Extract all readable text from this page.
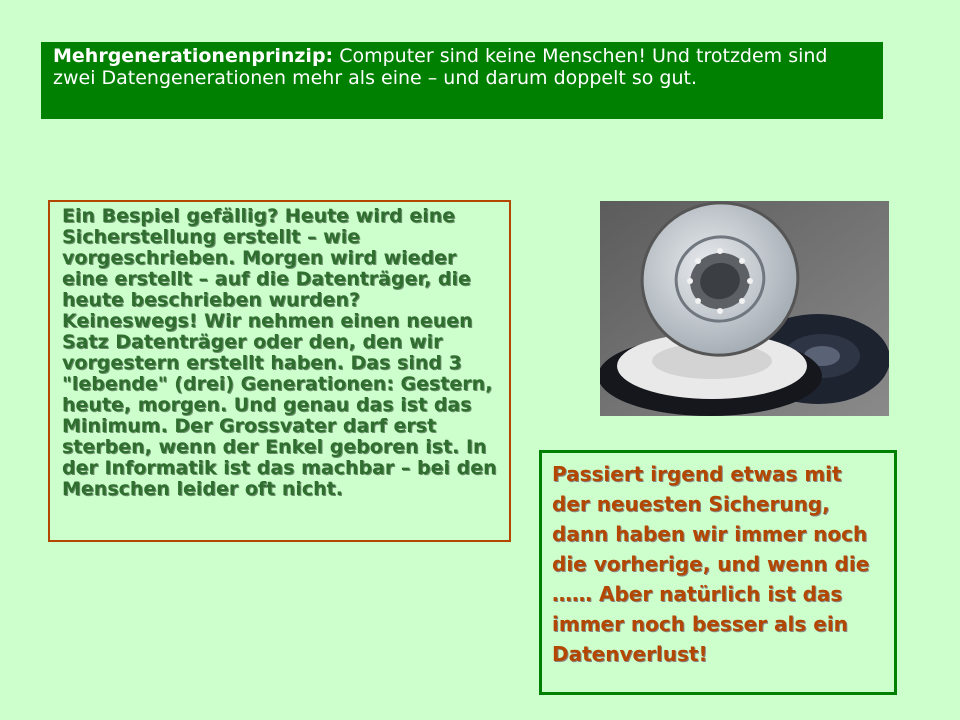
Mehrgenerationenprinzip: Computer sind keine Menschen! Und trotzdem sind zwei Datengenerationen mehr als eine – und darum doppelt so gut.
Ein Bespiel gefällig? Heute wird eine Sicherstellung erstellt – wie vorgeschrieben. Morgen wird wieder eine erstellt – auf die Datenträger, die heute beschrieben wurden? Keineswegs! Wir nehmen einen neuen Satz Datenträger oder den, den wir vorgestern erstellt haben. Das sind 3 "lebende" (drei) Generationen: Gestern, heute, morgen. Und genau das ist das Minimum. Der Grossvater darf erst sterben, wenn der Enkel geboren ist. In der Informatik ist das machbar – bei den Menschen leider oft nicht.
Passiert irgend etwas mit der neuesten Sicherung, dann haben wir immer noch die vorherige, und wenn die …… Aber natürlich ist das immer noch besser als ein Datenverlust!
